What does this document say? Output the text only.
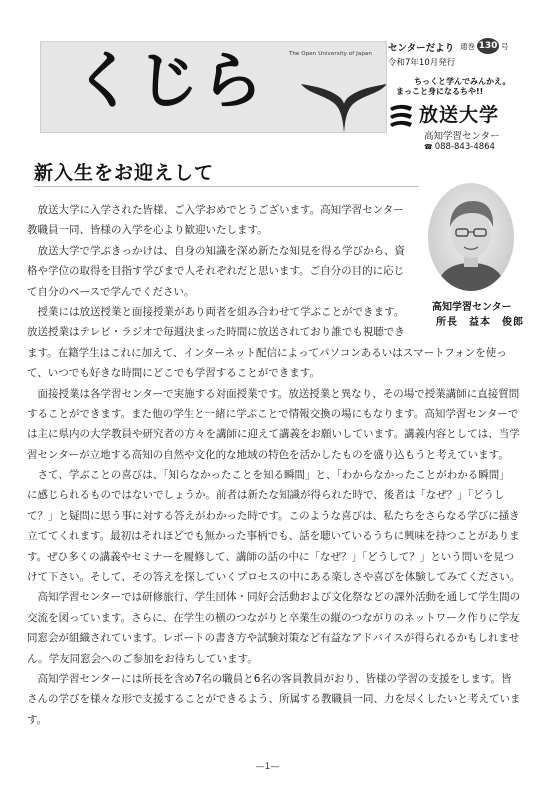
くじら	The Open University of Japan センターだより 通巻 130 号
令和7年10月発行
ちっくと学んでみんかえ。
まっこと身になるちや!!
放送大学
高知学習センター
☎ 088-843-4864
新入生をお迎えして
高知学習センター
所長　益本　俊郎
　放送大学に入学された皆様、ご入学おめでとうございます。高知学習センター
教職員一同、皆様の入学を心より歓迎いたします。
　放送大学で学ぶきっかけは、自身の知識を深め新たな知見を得る学びから、資
格や学位の取得を目指す学びまで人それぞれだと思います。ご自分の目的に応じ
て自分のペースで学んでください。
　授業には放送授業と面接授業があり両者を組み合わせて学ぶことができます。
放送授業はテレビ・ラジオで毎週決まった時間に放送されており誰でも視聴でき
ます。在籍学生はこれに加えて、インターネット配信によってパソコンあるいはスマートフォンを使っ
て、いつでも好きな時間にどこでも学習することができます。
　面接授業は各学習センターで実施する対面授業です。放送授業と異なり、その場で授業講師に直接質問
することができます。また他の学生と一緒に学ぶことで情報交換の場にもなります。高知学習センターで
は主に県内の大学教員や研究者の方々を講師に迎えて講義をお願いしています。講義内容としては、当学
習センターが立地する高知の自然や文化的な地域の特色を活かしたものを盛り込もうと考えています。
　さて、学ぶことの喜びは、「知らなかったことを知る瞬間」と、「わからなかったことがわかる瞬間」
に感じられるものではないでしょうか。前者は新たな知識が得られた時で、後者は「なぜ？」「どうし
て？」と疑問に思う事に対する答えがわかった時です。このような喜びは、私たちをさらなる学びに掻き
立ててくれます。最初はそれほどでも無かった事柄でも、話を聴いているうちに興味を持つことがありま
す。ぜひ多くの講義やセミナーを履修して、講師の話の中に「なぜ？」「どうして？」という問いを見つ
けて下さい。そして、その答えを探していくプロセスの中にある楽しさや喜びを体験してみてください。
　高知学習センターでは研修旅行、学生団体・同好会活動および文化祭などの課外活動を通して学生間の
交流を図っています。さらに、在学生の横のつながりと卒業生の縦のつながりのネットワーク作りに学友
同窓会が組織されています。レポートの書き方や試験対策など有益なアドバイスが得られるかもしれませ
ん。学友同窓会へのご参加をお待ちしています。
　高知学習センターには所長を含め7名の職員と6名の客員教員がおり、皆様の学習の支援をします。皆
さんの学びを様々な形で支援することができるよう、所属する教職員一同、力を尽くしたいと考えていま
す。
—1—
